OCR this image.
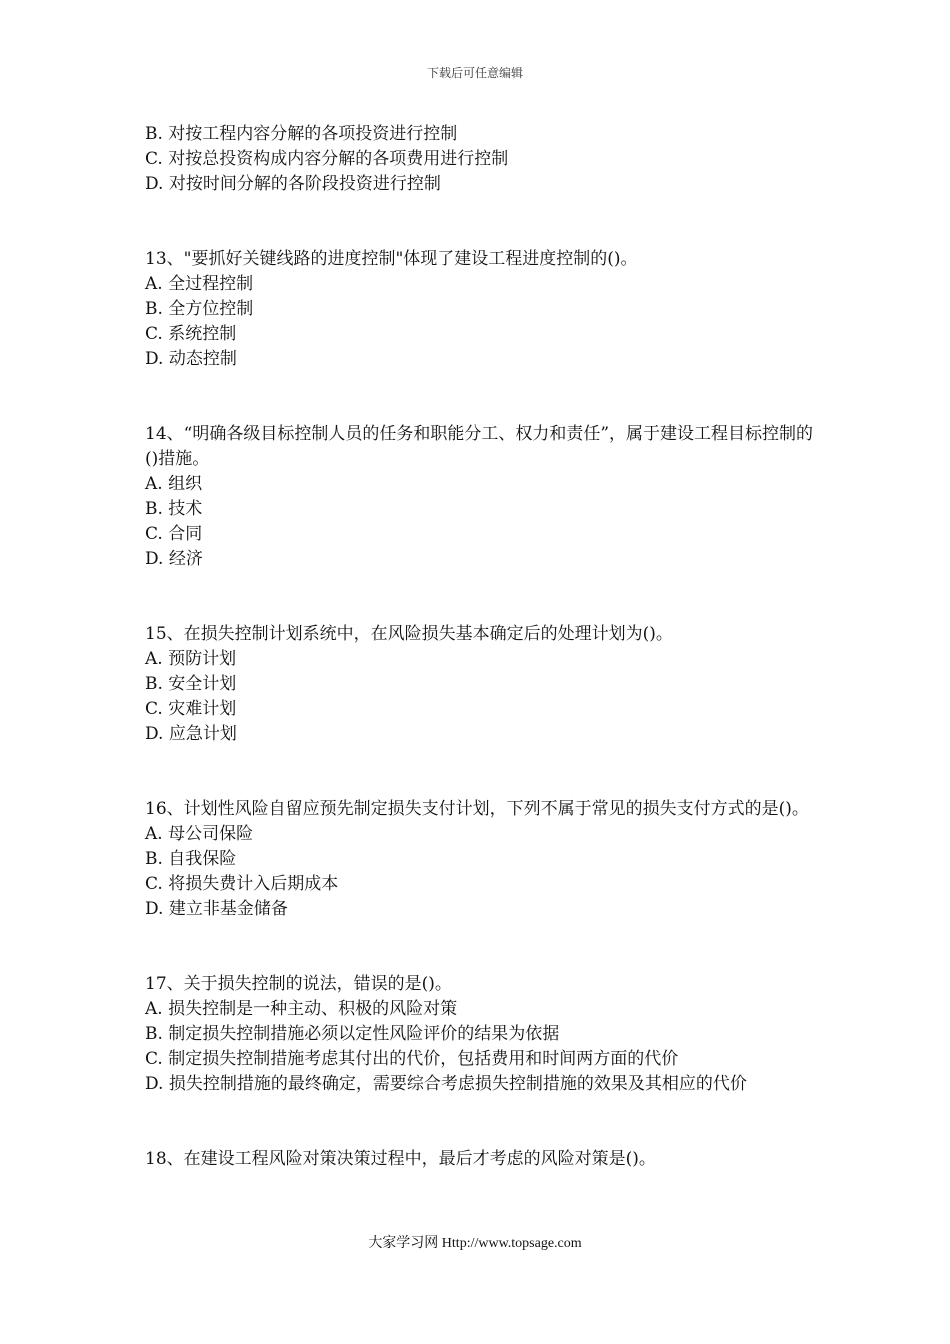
下载后可任意编辑
B. 对按工程内容分解的各项投资进行控制
C. 对按总投资构成内容分解的各项费用进行控制
D. 对按时间分解的各阶段投资进行控制
13、"要抓好关键线路的进度控制"体现了建设工程进度控制的()。
A. 全过程控制
B. 全方位控制
C. 系统控制
D. 动态控制
14、“明确各级目标控制人员的任务和职能分工、权力和责任”，属于建设工程目标控制的()措施。
A. 组织
B. 技术
C. 合同
D. 经济
15、在损失控制计划系统中，在风险损失基本确定后的处理计划为()。
A. 预防计划
B. 安全计划
C. 灾难计划
D. 应急计划
16、计划性风险自留应预先制定损失支付计划，下列不属于常见的损失支付方式的是()。
A. 母公司保险
B. 自我保险
C. 将损失费计入后期成本
D. 建立非基金储备
17、关于损失控制的说法，错误的是()。
A. 损失控制是一种主动、积极的风险对策
B. 制定损失控制措施必须以定性风险评价的结果为依据
C. 制定损失控制措施考虑其付出的代价，包括费用和时间两方面的代价
D. 损失控制措施的最终确定，需要综合考虑损失控制措施的效果及其相应的代价
18、在建设工程风险对策决策过程中，最后才考虑的风险对策是()。
大家学习网 Http://www.topsage.com
